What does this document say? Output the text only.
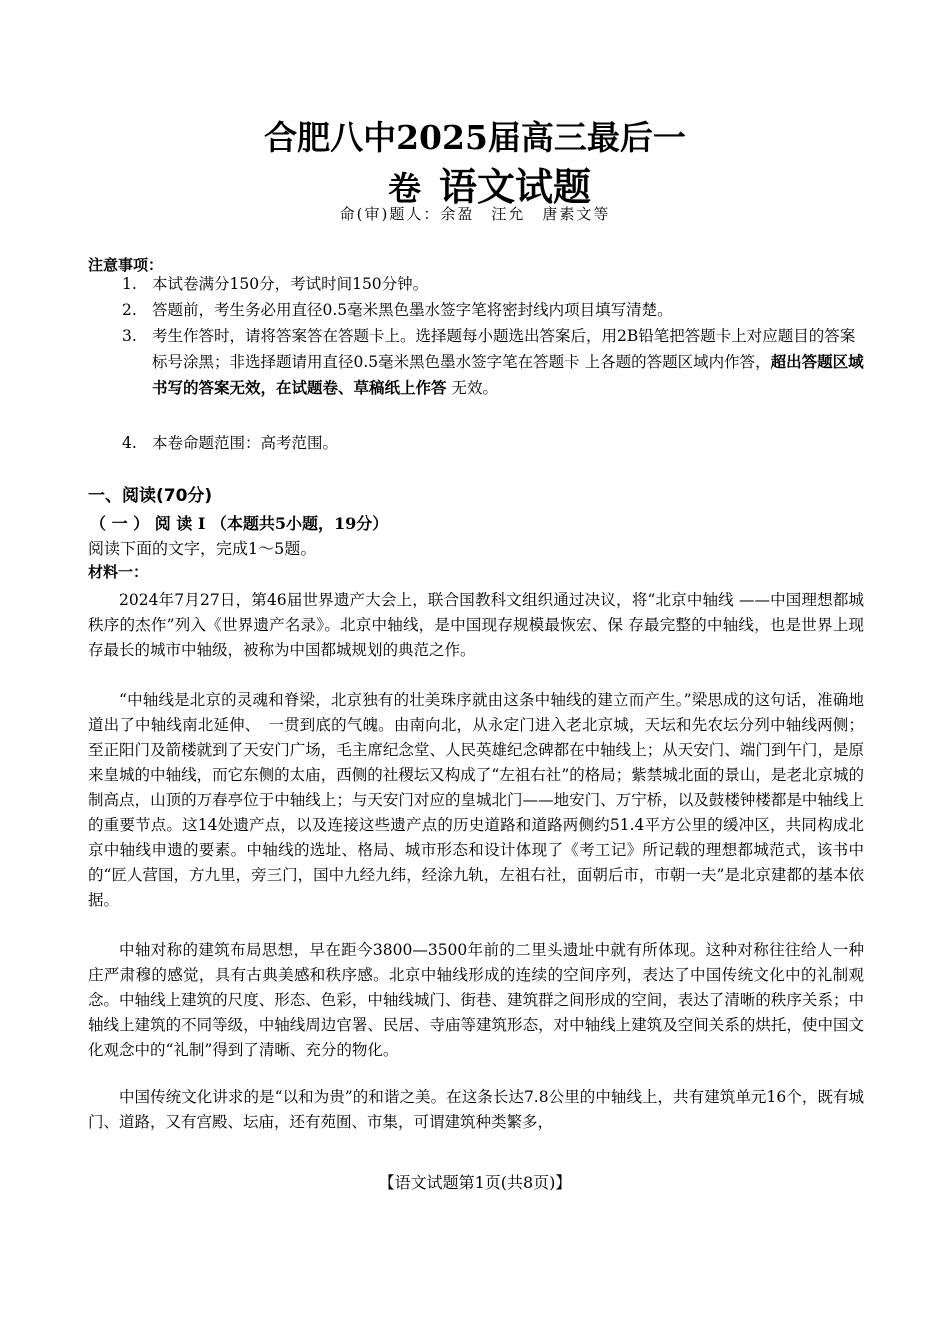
合肥八中2025届高三最后一
卷 语文试题
命(审)题人：余盈　汪允　唐素文等
注意事项：
1. 本试卷满分150分，考试时间150分钟。
2. 答题前，考生务必用直径0.5毫米黑色墨水签字笔将密封线内项目填写清楚。
3. 考生作答时，请将答案答在答题卡上。选择题每小题选出答案后，用2B铅笔把答题卡上对应题目的答案标号涂黑；非选择题请用直径0.5毫米黑色墨水签字笔在答题卡 上各题的答题区域内作答，超出答题区域书写的答案无效，在试题卷、草稿纸上作答 无效。
4. 本卷命题范围：高考范围。
一、阅读(70分)
（ 一 ） 阅 读 I （本题共5小题，19分）
阅读下面的文字，完成1～5题。
材料一：
2024年7月27日，第46届世界遗产大会上，联合国教科文组织通过决议，将“北京中轴线 ——中国理想都城秩序的杰作”列入《世界遗产名录》。北京中轴线，是中国现存规模最恢宏、保 存最完整的中轴线，也是世界上现存最长的城市中轴级，被称为中国都城规划的典范之作。
“中轴线是北京的灵魂和脊梁，北京独有的壮美珠序就由这条中轴线的建立而产生。”梁思成的这句话，准确地道出了中轴线南北延伸、　一贯到底的气魄。由南向北，从永定门进入老北京城，天坛和先农坛分列中轴线两侧；至正阳门及箭楼就到了天安门广场，毛主席纪念堂、人民英雄纪念碑都在中轴线上；从天安门、端门到午门，是原来皇城的中轴线，而它东侧的太庙，西侧的社稷坛又构成了“左祖右社”的格局；紫禁城北面的景山，是老北京城的制高点，山顶的万春亭位于中轴线上；与天安门对应的皇城北门——地安门、万宁桥，以及鼓楼钟楼都是中轴线上的重要节点。这14处遗产点，以及连接这些遗产点的历史道路和道路两侧约51.4平方公里的缓冲区，共同构成北京中轴线申遗的要素。中轴线的选址、格局、城市形态和设计体现了《考工记》所记载的理想都城范式，该书中的“匠人营国，方九里，旁三门，国中九经九纬，经涂九轨，左祖右社，面朝后市，市朝一夫”是北京建都的基本依据。
中轴对称的建筑布局思想，早在距今3800—3500年前的二里头遗址中就有所体现。这种对称往往给人一种庄严肃穆的感觉，具有古典美感和秩序感。北京中轴线形成的连续的空间序列，表达了中国传统文化中的礼制观念。中轴线上建筑的尺度、形态、色彩，中轴线城门、街巷、建筑群之间形成的空间，表达了清晰的秩序关系；中轴线上建筑的不同等级，中轴线周边官署、民居、寺庙等建筑形态，对中轴线上建筑及空间关系的烘托，使中国文化观念中的“礼制”得到了清晰、充分的物化。
中国传统文化讲求的是“以和为贵”的和谐之美。在这条长达7.8公里的中轴线上，共有建筑单元16个，既有城门、道路，又有宫殿、坛庙，还有苑囿、市集，可谓建筑种类繁多，
【语文试题第1页(共8页)】
